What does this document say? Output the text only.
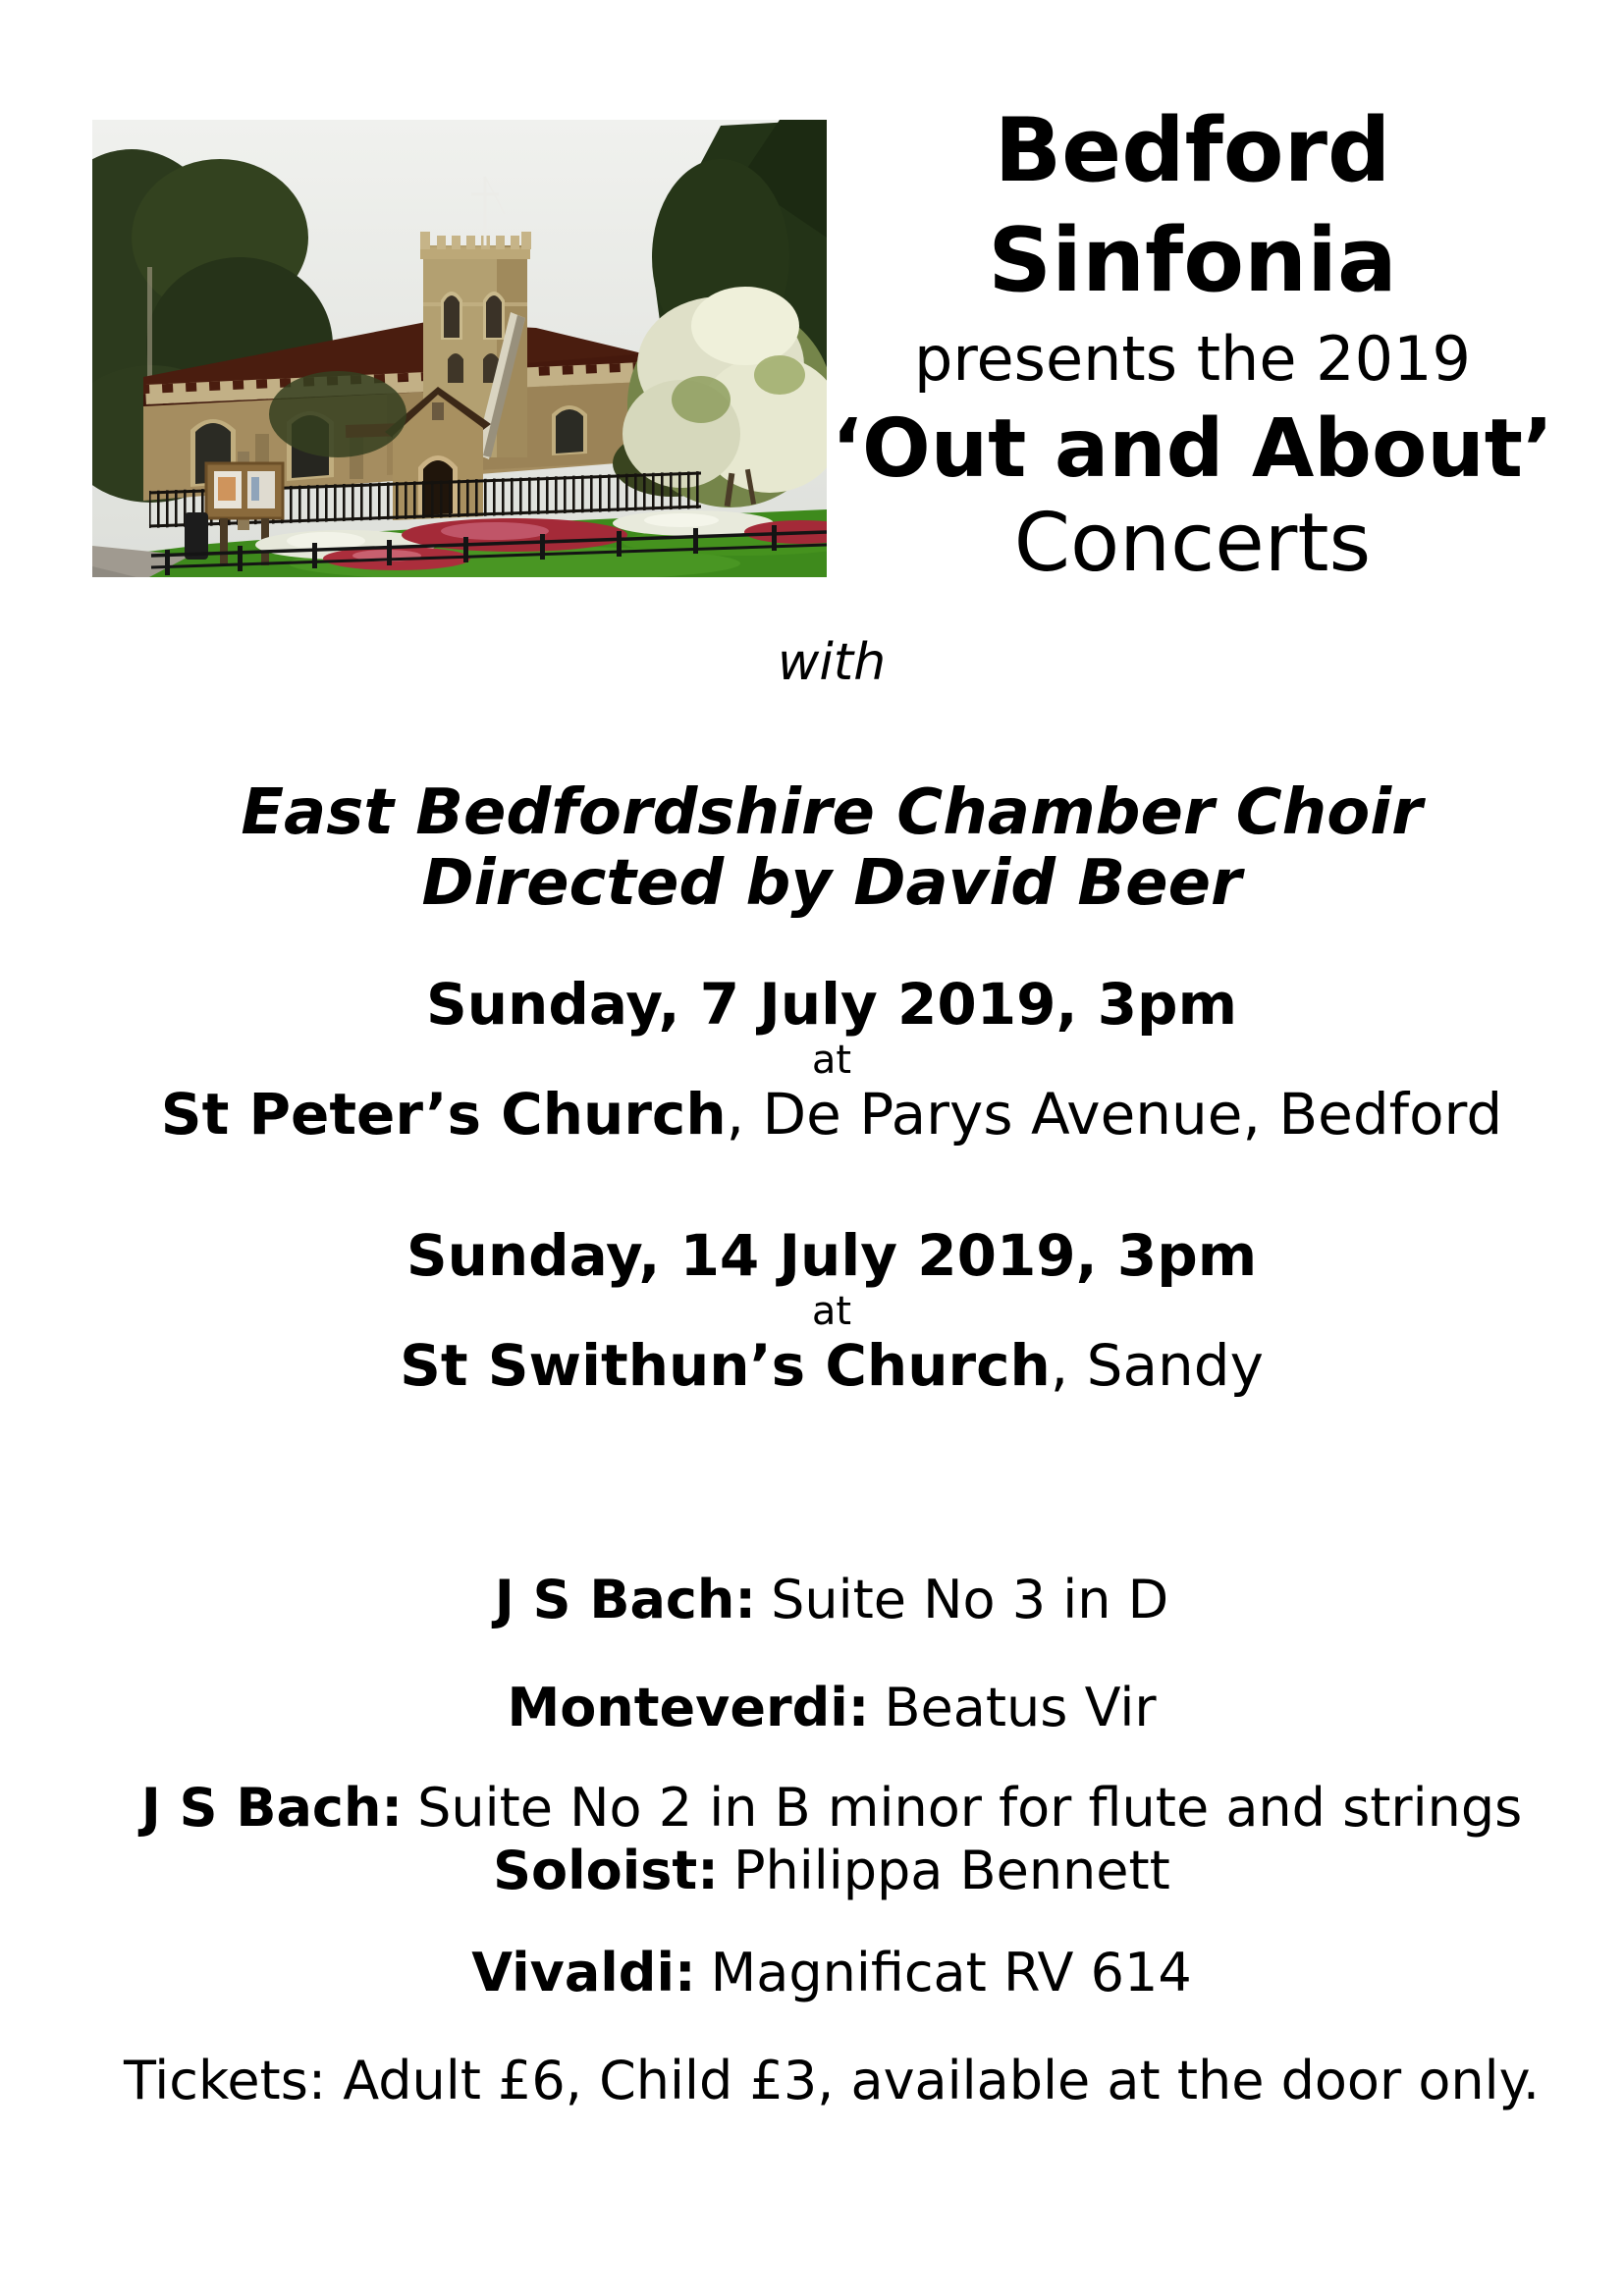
Bedford
Sinfonia
presents the 2019
‘Out and About’
Concerts
with
East Bedfordshire Chamber Choir
Directed by David Beer
Sunday, 7 July 2019, 3pm
at
St Peter’s Church, De Parys Avenue, Bedford
Sunday, 14 July 2019, 3pm
at
St Swithun’s Church, Sandy
J S Bach: Suite No 3 in D
Monteverdi: Beatus Vir
J S Bach: Suite No 2 in B minor for flute and strings
Soloist: Philippa Bennett
Vivaldi: Magnificat RV 614
Tickets: Adult £6, Child £3, available at the door only.
